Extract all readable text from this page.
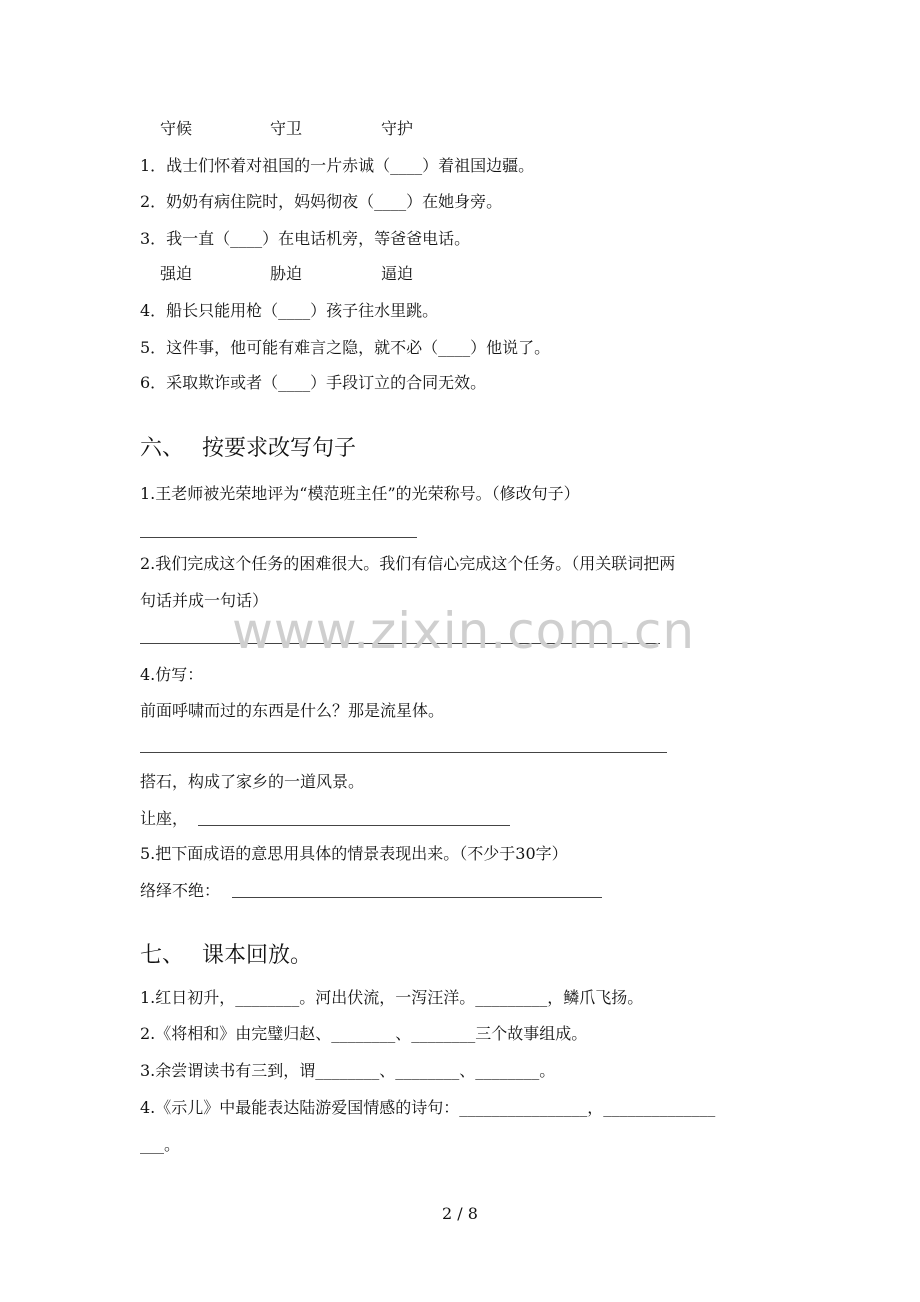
守候	守卫	守护
1．战士们怀着对祖国的一片赤诚（____）着祖国边疆。
2．奶奶有病住院时，妈妈彻夜（____）在她身旁。
3．我一直（____）在电话机旁，等爸爸电话。
强迫	胁迫	逼迫
4．船长只能用枪（____）孩子往水里跳。
5．这件事，他可能有难言之隐，就不必（____）他说了。
6．采取欺诈或者（____）手段订立的合同无效。
六、 按要求改写句子
1.王老师被光荣地评为“模范班主任”的光荣称号。（修改句子）
2.我们完成这个任务的困难很大。我们有信心完成这个任务。（用关联词把两
句话并成一句话）
4.仿写：
前面呼啸而过的东西是什么？那是流星体。
搭石，构成了家乡的一道风景。
让座，
5.把下面成语的意思用具体的情景表现出来。（不少于30字）
络绎不绝：
七、 课本回放。
1.红日初升，________。河出伏流，一泻汪洋。_________，鳞爪飞扬。
2.《将相和》由完璧归赵、________、________三个故事组成。
3.余尝谓读书有三到，谓________、________、________。
4.《示儿》中最能表达陆游爱国情感的诗句：________________，______________
___。
www.zixin.com.cn
2 / 8
